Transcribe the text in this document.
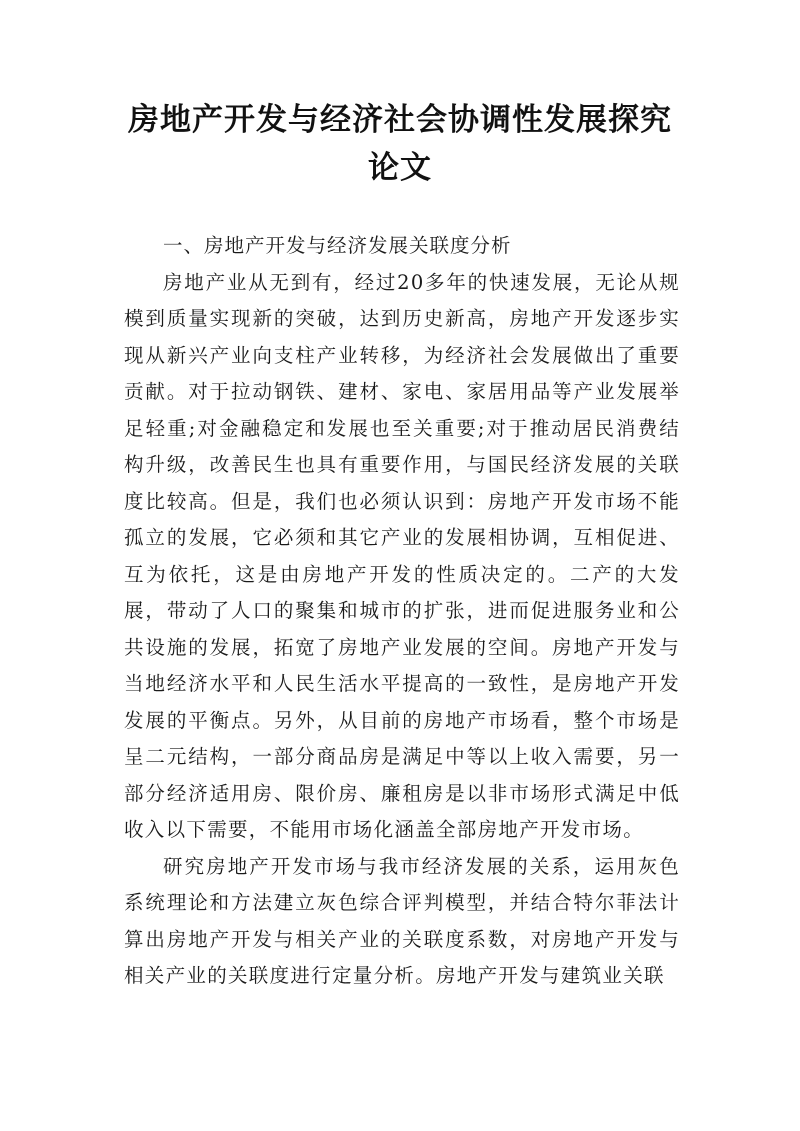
房地产开发与经济社会协调性发展探究论文

一、房地产开发与经济发展关联度分析

房地产业从无到有，经过20多年的快速发展，无论从规模到质量实现新的突破，达到历史新高，房地产开发逐步实现从新兴产业向支柱产业转移，为经济社会发展做出了重要贡献。对于拉动钢铁、建材、家电、家居用品等产业发展举足轻重;对金融稳定和发展也至关重要;对于推动居民消费结构升级，改善民生也具有重要作用，与国民经济发展的关联度比较高。但是，我们也必须认识到：房地产开发市场不能孤立的发展，它必须和其它产业的发展相协调，互相促进、互为依托，这是由房地产开发的性质决定的。二产的大发展，带动了人口的聚集和城市的扩张，进而促进服务业和公共设施的发展，拓宽了房地产业发展的空间。房地产开发与当地经济水平和人民生活水平提高的一致性，是房地产开发发展的平衡点。另外，从目前的房地产市场看，整个市场是呈二元结构，一部分商品房是满足中等以上收入需要，另一部分经济适用房、限价房、廉租房是以非市场形式满足中低收入以下需要，不能用市场化涵盖全部房地产开发市场。

研究房地产开发市场与我市经济发展的关系，运用灰色系统理论和方法建立灰色综合评判模型，并结合特尔菲法计算出房地产开发与相关产业的关联度系数，对房地产开发与相关产业的关联度进行定量分析。房地产开发与建筑业关联
